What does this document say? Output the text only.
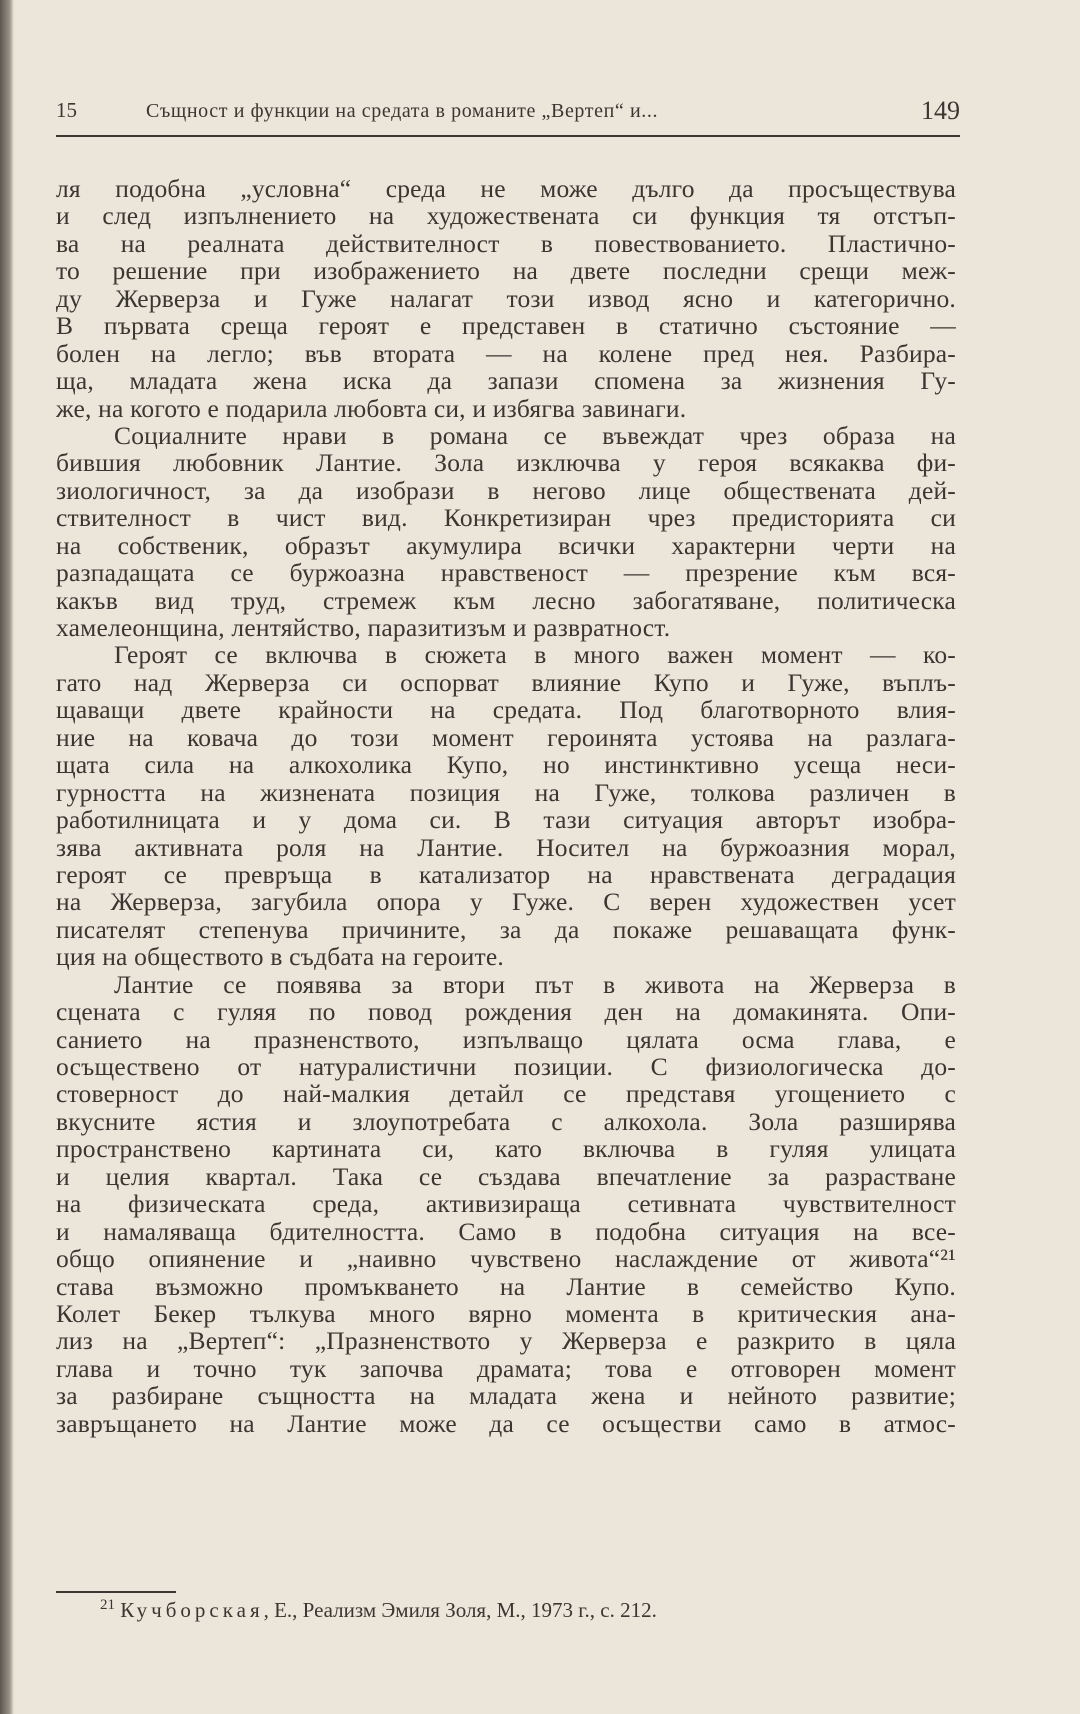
15	Същност и функции на средата в романите „Вертеп“ и...	149
ля подобна „условна“ среда не може дълго да просъществува
и след изпълнението на художествената си функция тя отстъп-
ва на реалната действителност в повествованието. Пластично-
то решение при изображението на двете последни срещи меж-
ду Жерверза и Гуже налагат този извод ясно и категорично.
В първата среща героят е представен в статично състояние —
болен на легло; във втората — на колене пред нея. Разбира-
ща, младата жена иска да запази спомена за жизнения Гу-
же, на когото е подарила любовта си, и избягва завинаги.
Социалните нрави в романа се въвеждат чрез образа на
бившия любовник Лантие. Зола изключва у героя всякаква фи-
зиологичност, за да изобрази в негово лице обществената дей-
ствителност в чист вид. Конкретизиран чрез предисторията си
на собственик, образът акумулира всички характерни черти на
разпадащата се буржоазна нравственост — презрение към вся-
какъв вид труд, стремеж към лесно забогатяване, политическа
хамелеонщина, лентяйство, паразитизъм и развратност.
Героят се включва в сюжета в много важен момент — ко-
гато над Жерверза си оспорват влияние Купо и Гуже, въплъ-
щаващи двете крайности на средата. Под благотворното влия-
ние на ковача до този момент героинята устоява на разлага-
щата сила на алкохолика Купо, но инстинктивно усеща неси-
гурността на жизнената позиция на Гуже, толкова различен в
работилницата и у дома си. В тази ситуация авторът изобра-
зява активната роля на Лантие. Носител на буржоазния морал,
героят се превръща в катализатор на нравствената деградация
на Жерверза, загубила опора у Гуже. С верен художествен усет
писателят степенува причините, за да покаже решаващата функ-
ция на обществото в съдбата на героите.
Лантие се появява за втори път в живота на Жерверза в
сцената с гуляя по повод рождения ден на домакинята. Опи-
санието на празненството, изпълващо цялата осма глава, е
осъществено от натуралистични позиции. С физиологическа до-
стоверност до най-малкия детайл се представя угощението с
вкусните ястия и злоупотребата с алкохола. Зола разширява
пространствено картината си, като включва в гуляя улицата
и целия квартал. Така се създава впечатление за разрастване
на физическата среда, активизираща сетивната чувствителност
и намаляваща бдителността. Само в подобна ситуация на все-
общо опиянение и „наивно чувствено наслаждение от живота“²¹
става възможно промъкването на Лантие в семейство Купо.
Колет Бекер тълкува много вярно момента в критическия ана-
лиз на „Вертеп“: „Празненството у Жерверза е разкрито в цяла
глава и точно тук започва драмата; това е отговорен момент
за разбиране същността на младата жена и нейното развитие;
завръщането на Лантие може да се осъществи само в атмос-
$^{21}$ Кучборская, Е., Реализм Эмиля Золя, М., 1973 г., с. 212.
